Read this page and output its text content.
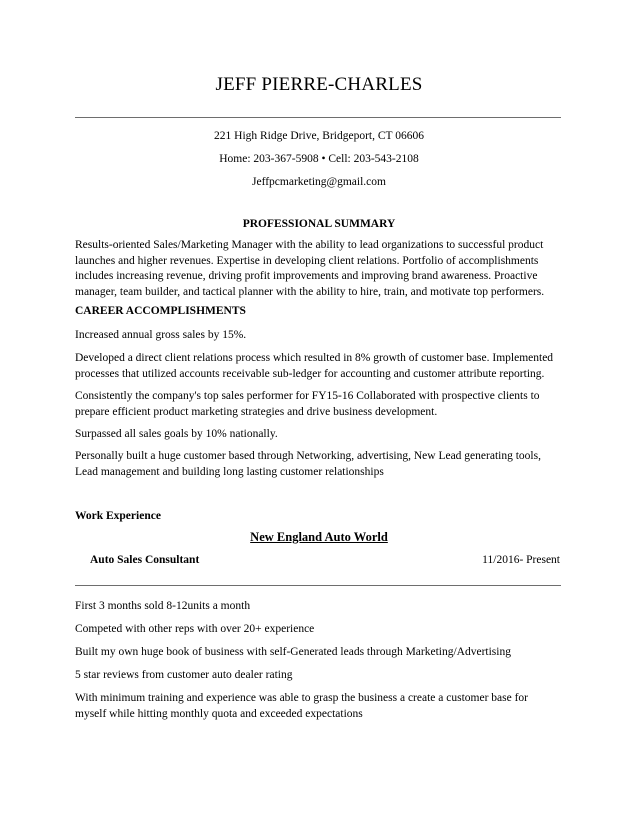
JEFF PIERRE-CHARLES
221 High Ridge Drive, Bridgeport, CT 06606
Home: 203-367-5908 • Cell: 203-543-2108
Jeffpcmarketing@gmail.com
PROFESSIONAL SUMMARY
Results-oriented Sales/Marketing Manager with the ability to lead organizations to successful product
launches and higher revenues. Expertise in developing client relations. Portfolio of accomplishments
includes increasing revenue, driving profit improvements and improving brand awareness. Proactive
manager, team builder, and tactical planner with the ability to hire, train, and motivate top performers.
CAREER ACCOMPLISHMENTS
Increased annual gross sales by 15%.
Developed a direct client relations process which resulted in 8% growth of customer base. Implemented
processes that utilized accounts receivable sub-ledger for accounting and customer attribute reporting.
Consistently the company's top sales performer for FY15-16 Collaborated with prospective clients to
prepare efficient product marketing strategies and drive business development.
Surpassed all sales goals by 10% nationally.
Personally built a huge customer based through Networking, advertising, New Lead generating tools,
Lead management and building long lasting customer relationships
Work Experience
New England Auto World
Auto Sales Consultant	11/2016- Present
First 3 months sold 8-12units a month
Competed with other reps with over 20+ experience
Built my own huge book of business with self-Generated leads through Marketing/Advertising
5 star reviews from customer auto dealer rating
With minimum training and experience was able to grasp the business a create a customer base for
myself while hitting monthly quota and exceeded expectations
